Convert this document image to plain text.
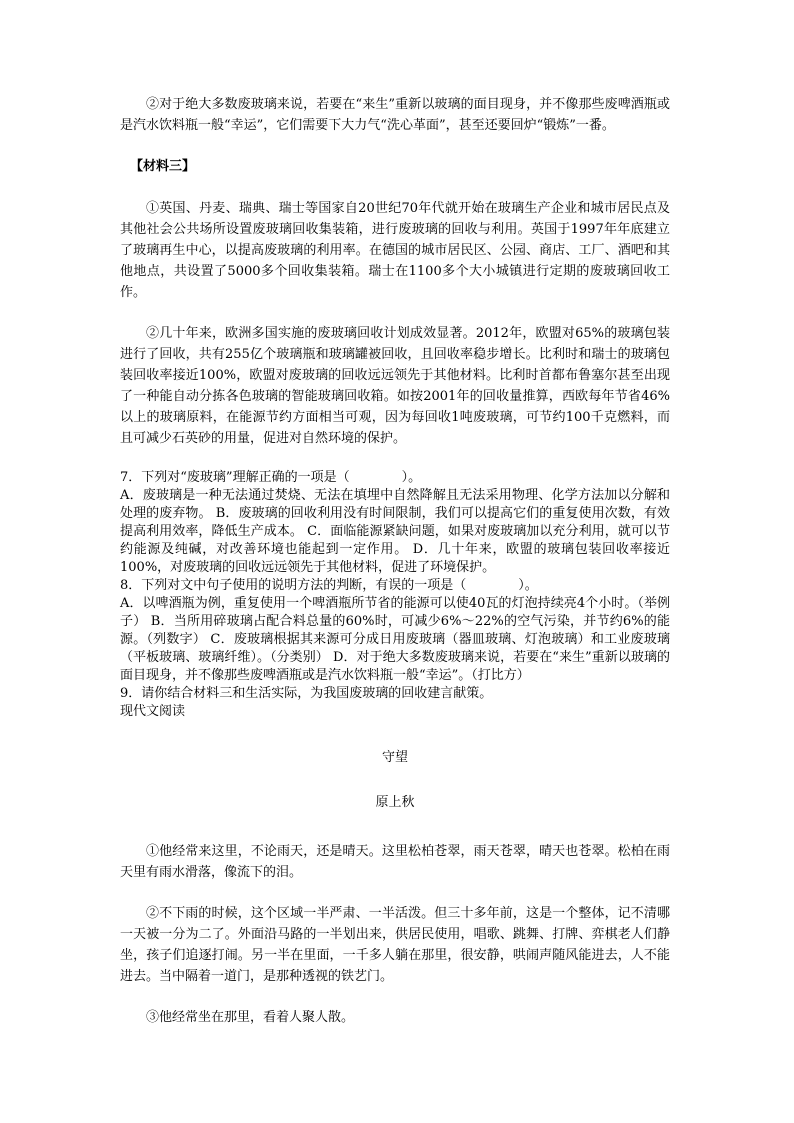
②对于绝大多数废玻璃来说，若要在“来生”重新以玻璃的面目现身，并不像那些废啤酒瓶或是汽水饮料瓶一般“幸运”，它们需要下大力气“洗心革面”，甚至还要回炉“锻炼”一番。

【材料三】

①英国、丹麦、瑞典、瑞士等国家自20世纪70年代就开始在玻璃生产企业和城市居民点及其他社会公共场所设置废玻璃回收集装箱，进行废玻璃的回收与利用。英国于1997年年底建立了玻璃再生中心，以提高废玻璃的利用率。在德国的城市居民区、公园、商店、工厂、酒吧和其他地点，共设置了5000多个回收集装箱。瑞士在1100多个大小城镇进行定期的废玻璃回收工作。

②几十年来，欧洲多国实施的废玻璃回收计划成效显著。2012年，欧盟对65%的玻璃包装进行了回收，共有255亿个玻璃瓶和玻璃罐被回收，且回收率稳步增长。比利时和瑞士的玻璃包装回收率接近100%，欧盟对废玻璃的回收远远领先于其他材料。比利时首都布鲁塞尔甚至出现了一种能自动分拣各色玻璃的智能玻璃回收箱。如按2001年的回收量推算，西欧每年节省46%以上的玻璃原料，在能源节约方面相当可观，因为每回收1吨废玻璃，可节约100千克燃料，而且可减少石英砂的用量，促进对自然环境的保护。

7．下列对“废玻璃”理解正确的一项是（　　　　）。

A．废玻璃是一种无法通过焚烧、无法在填埋中自然降解且无法采用物理、化学方法加以分解和处理的废弃物。 B．废玻璃的回收利用没有时间限制，我们可以提高它们的重复使用次数，有效提高利用效率，降低生产成本。 C．面临能源紧缺问题，如果对废玻璃加以充分利用，就可以节约能源及纯碱，对改善环境也能起到一定作用。 D．几十年来，欧盟的玻璃包装回收率接近100%，对废玻璃的回收远远领先于其他材料，促进了环境保护。

8．下列对文中句子使用的说明方法的判断，有误的一项是（　　　　）。

A．以啤酒瓶为例，重复使用一个啤酒瓶所节省的能源可以使40瓦的灯泡持续亮4个小时。（举例子） B．当所用碎玻璃占配合料总量的60%时，可减少6%～22%的空气污染，并节约6%的能源。（列数字） C．废玻璃根据其来源可分成日用废玻璃（器皿玻璃、灯泡玻璃）和工业废玻璃（平板玻璃、玻璃纤维）。（分类别） D．对于绝大多数废玻璃来说，若要在“来生”重新以玻璃的面目现身，并不像那些废啤酒瓶或是汽水饮料瓶一般“幸运”。（打比方）

9．请你结合材料三和生活实际，为我国废玻璃的回收建言献策。

现代文阅读

守望

原上秋

①他经常来这里，不论雨天，还是晴天。这里松柏苍翠，雨天苍翠，晴天也苍翠。松柏在雨天里有雨水滑落，像流下的泪。

②不下雨的时候，这个区域一半严肃、一半活泼。但三十多年前，这是一个整体，记不清哪一天被一分为二了。外面沿马路的一半划出来，供居民使用，唱歌、跳舞、打牌、弈棋老人们静坐，孩子们追逐打闹。另一半在里面，一千多人躺在那里，很安静，哄闹声随风能进去，人不能进去。当中隔着一道门，是那种透视的铁艺门。

③他经常坐在那里，看着人聚人散。
